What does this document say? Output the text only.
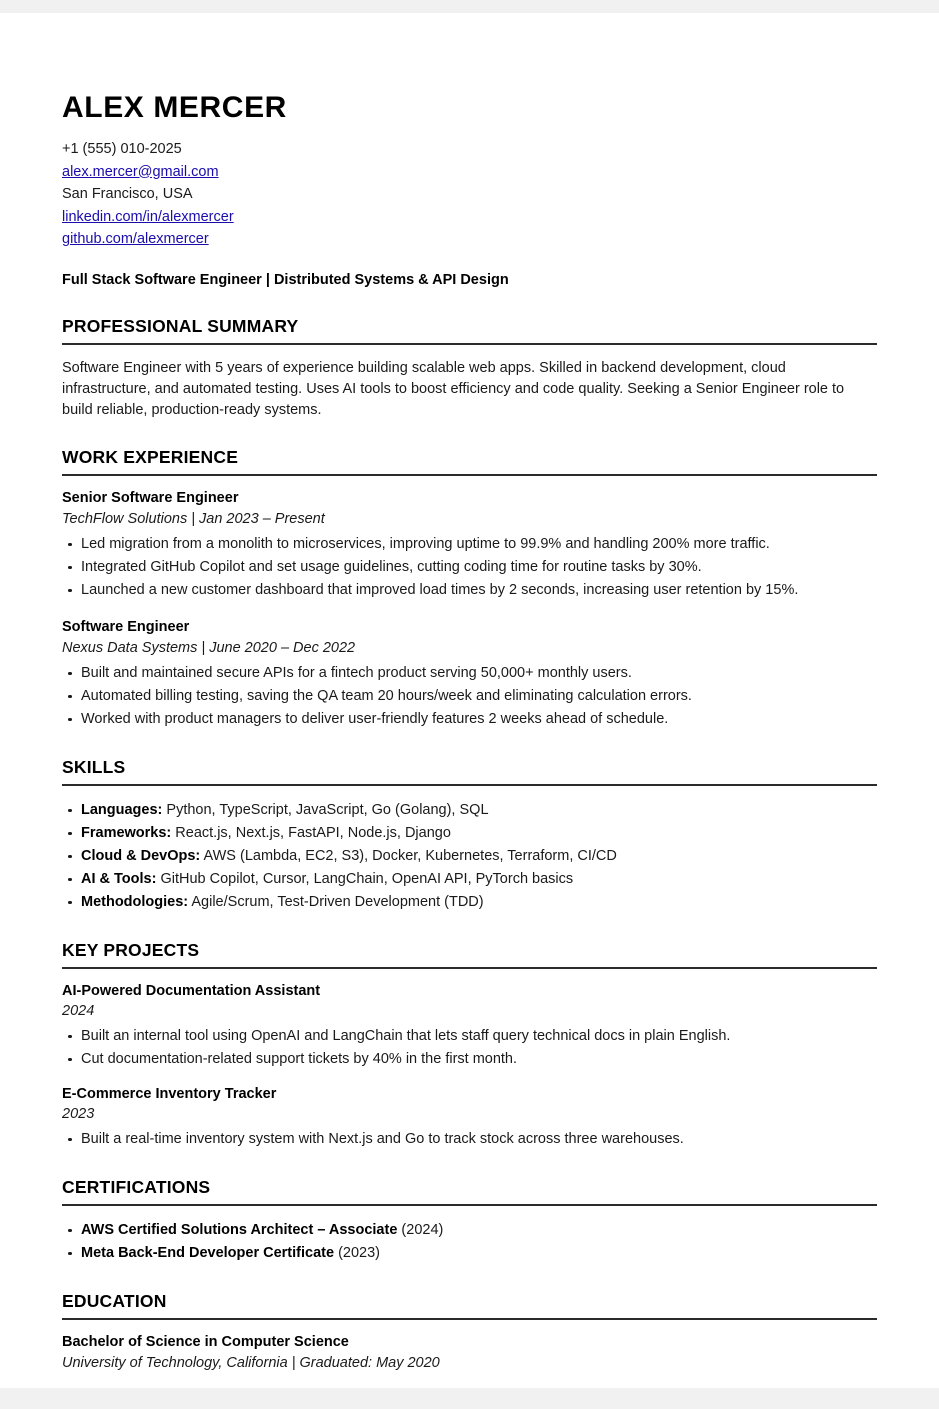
ALEX MERCER
+1 (555) 010-2025
alex.mercer@gmail.com
San Francisco, USA
linkedin.com/in/alexmercer
github.com/alexmercer
Full Stack Software Engineer | Distributed Systems & API Design
PROFESSIONAL SUMMARY

Software Engineer with 5 years of experience building scalable web apps. Skilled in backend development, cloud infrastructure, and automated testing. Uses AI tools to boost efficiency and code quality. Seeking a Senior Engineer role to build reliable, production-ready systems.

WORK EXPERIENCE
Senior Software Engineer
TechFlow Solutions | Jan 2023 – Present
Led migration from a monolith to microservices, improving uptime to 99.9% and handling 200% more traffic.
Integrated GitHub Copilot and set usage guidelines, cutting coding time for routine tasks by 30%.
Launched a new customer dashboard that improved load times by 2 seconds, increasing user retention by 15%.
Software Engineer
Nexus Data Systems | June 2020 – Dec 2022
Built and maintained secure APIs for a fintech product serving 50,000+ monthly users.
Automated billing testing, saving the QA team 20 hours/week and eliminating calculation errors.
Worked with product managers to deliver user-friendly features 2 weeks ahead of schedule.
SKILLS
Languages: Python, TypeScript, JavaScript, Go (Golang), SQL
Frameworks: React.js, Next.js, FastAPI, Node.js, Django
Cloud & DevOps: AWS (Lambda, EC2, S3), Docker, Kubernetes, Terraform, CI/CD
AI & Tools: GitHub Copilot, Cursor, LangChain, OpenAI API, PyTorch basics
Methodologies: Agile/Scrum, Test-Driven Development (TDD)
KEY PROJECTS
AI-Powered Documentation Assistant
2024
Built an internal tool using OpenAI and LangChain that lets staff query technical docs in plain English.
Cut documentation-related support tickets by 40% in the first month.
E-Commerce Inventory Tracker
2023
Built a real-time inventory system with Next.js and Go to track stock across three warehouses.
CERTIFICATIONS
AWS Certified Solutions Architect – Associate (2024)
Meta Back-End Developer Certificate (2023)
EDUCATION
Bachelor of Science in Computer Science
University of Technology, California | Graduated: May 2020
